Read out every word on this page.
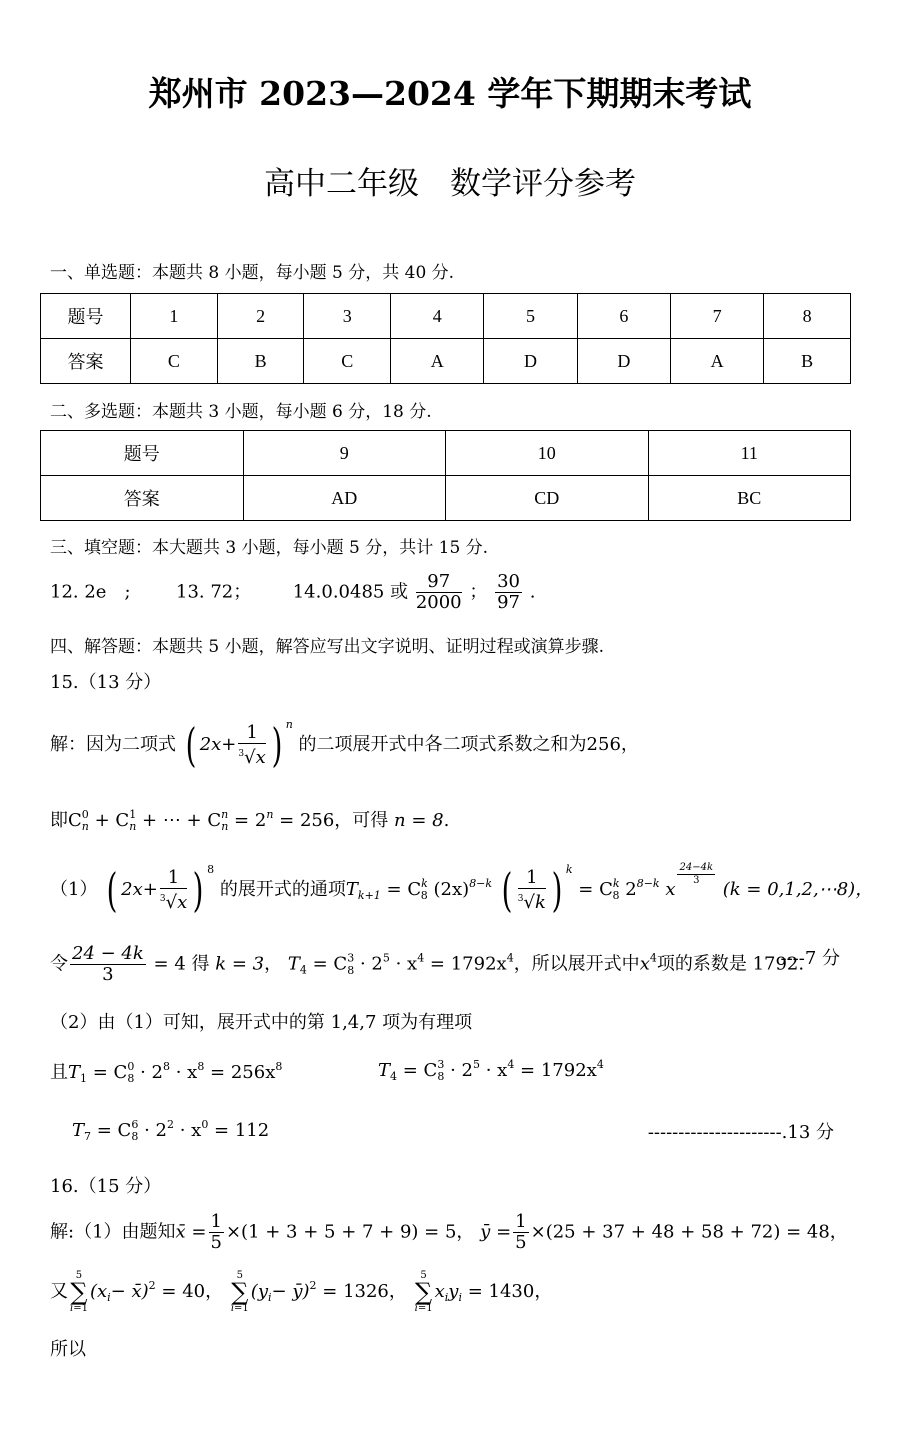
郑州市 2023—2024 学年下期期末考试
高中二年级　数学评分参考
一、单选题：本题共 8 小题，每小题 5 分，共 40 分.
题号	1	2	3	4	5	6	7	8
答案	C	B	C	A	D	D	A	B
二、多选题：本题共 3 小题，每小题 6 分，18 分.
题号	9	10	11
答案	AD	CD	BC
三、填空题：本大题共 3 小题，每小题 5 分，共计 15 分.
12. 2e　;	13. 72； 14.0.0485 或 $\frac{97}{2000}$ ； $\frac{30}{97}$ .
四、解答题：本题共 5 小题，解答应写出文字说明、证明过程或演算步骤.
15.（13 分）
解：因为二项式 ( $2x+ \frac{1}{^3√x}$ ) $^n$ 的二项展开式中各二项式系数之和为256，
即$C^0_n + C^1_n$ + ⋯ + $C^n_n = 2^n = 256$，可得 n = 8.
（1） ( $2x+ \frac{1}{^3√x}$ ) $^8$ 的展开式的通项$T_{k+1} = C^k_8$ $(2x)^{8-k}$ ( $\frac{1}{^3√k}$ ) $^k = C^k_8$ $2^{8-k}$ x
$\frac{24-4k}{3}$
(k = 0,1,2,⋯8)，
令 $\frac{24 - 4k}{3} = 4$ 得 k = 3， $T_4 = C^3_8 \cdot 2^5 \cdot x^4 = 1792x^4$，所以展开式中$x^4$项的系数是 1792.
----7 分
（2）由（1）可知，展开式中的第 1,4,7 项为有理项
且$T_1 = C^0_8 \cdot 2^8 \cdot x^8 = 256x^8$	$T_4 = C^3_8 \cdot 2^5 \cdot x^4 = 1792x^4$
$T_7 = C^6_8 \cdot 2^2 \cdot x^0 = 112$	----------------------.13 分
16.（15 分）
解:（1）由题知x̄ = $\frac{1}{5} \times(1 + 3 + 5 + 7 + 9) = 5$， ȳ = $\frac{1}{5} \times(25 + 37 + 48 + 58 + 72) = 48$，
又5
∑
$i=1(x_i-$ x̄)$^2$ = 40， 5
∑
$i=1(y_i-$ ȳ)$^2$ = 1326， 5
∑
$i=1x_iy_i = 1430$，
所以
